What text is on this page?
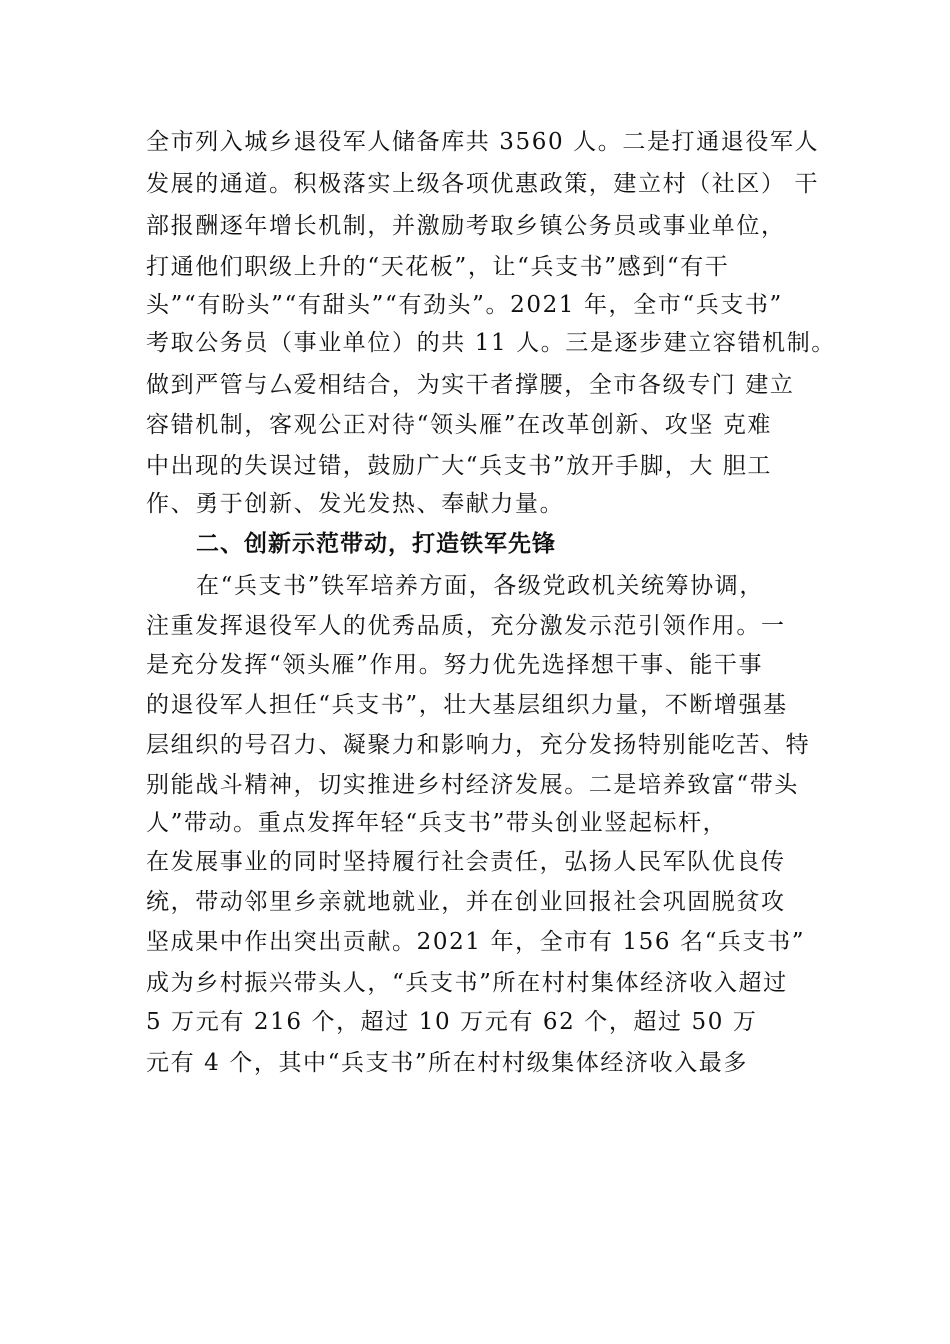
全市列入城乡退役军人储备库共 3560 人。二是打通退役军人
发展的通道。积极落实上级各项优惠政策，建立村（社区） 干
部报酬逐年增长机制，并激励考取乡镇公务员或事业单位，
打通他们职级上升的“天花板”，让“兵支书”感到“有干
头”“有盼头”“有甜头”“有劲头”。2021 年，全市“兵支书”
考取公务员（事业单位）的共 11 人。三是逐步建立容错机制。
做到严管与厶爱相结合，为实干者撑腰，全市各级专门 建立
容错机制，客观公正对待“领头雁”在改革创新、攻坚 克难
中出现的失误过错，鼓励广大“兵支书”放开手脚，大 胆工
作、勇于创新、发光发热、奉献力量。
二、创新示范带动，打造铁军先锋
在“兵支书”铁军培养方面，各级党政机关统筹协调，
注重发挥退役军人的优秀品质，充分激发示范引领作用。一
是充分发挥“领头雁”作用。努力优先选择想干事、能干事
的退役军人担任“兵支书”，壮大基层组织力量，不断增强基
层组织的号召力、凝聚力和影响力，充分发扬特别能吃苦、特
别能战斗精神，切实推进乡村经济发展。二是培养致富“带头
人”带动。重点发挥年轻“兵支书”带头创业竖起标杆，
在发展事业的同时坚持履行社会责任，弘扬人民军队优良传
统，带动邻里乡亲就地就业，并在创业回报社会巩固脱贫攻
坚成果中作出突出贡献。2021 年，全市有 156 名“兵支书”
成为乡村振兴带头人，“兵支书”所在村村集体经济收入超过
5 万元有 216 个，超过 10 万元有 62 个，超过 50 万
元有 4 个，其中“兵支书”所在村村级集体经济收入最多
